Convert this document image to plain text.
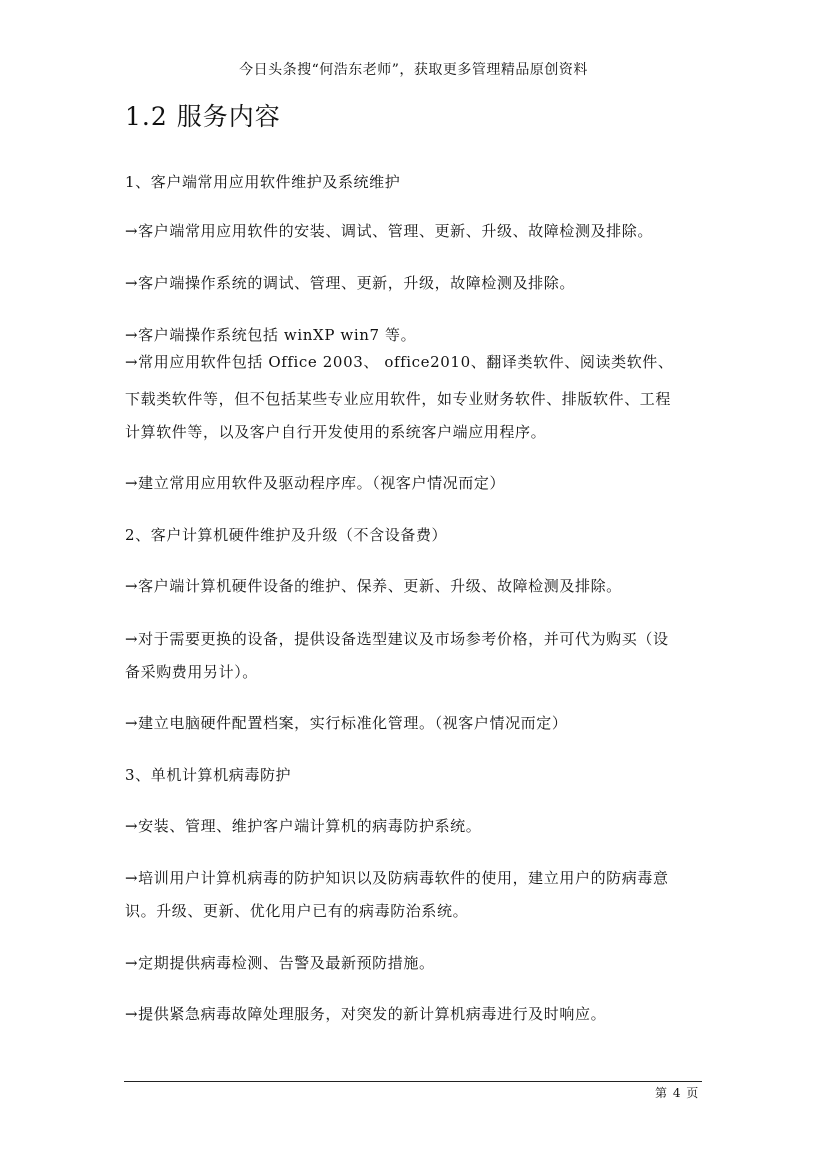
今日头条搜“何浩东老师”，获取更多管理精品原创资料
1.2 服务内容
1、客户端常用应用软件维护及系统维护
→客户端常用应用软件的安装、调试、管理、更新、升级、故障检测及排除。
→客户端操作系统的调试、管理、更新，升级，故障检测及排除。
→客户端操作系统包括 winXP win7 等。
→常用应用软件包括 Office 2003、 office2010、翻译类软件、阅读类软件、
下载类软件等，但不包括某些专业应用软件，如专业财务软件、排版软件、工程
计算软件等，以及客户自行开发使用的系统客户端应用程序。
→建立常用应用软件及驱动程序库。（视客户情况而定）
2、客户计算机硬件维护及升级（不含设备费）
→客户端计算机硬件设备的维护、保养、更新、升级、故障检测及排除。
→对于需要更换的设备，提供设备选型建议及市场参考价格，并可代为购买（设
备采购费用另计）。
→建立电脑硬件配置档案，实行标准化管理。（视客户情况而定）
3、单机计算机病毒防护
→安装、管理、维护客户端计算机的病毒防护系统。
→培训用户计算机病毒的防护知识以及防病毒软件的使用，建立用户的防病毒意
识。升级、更新、优化用户已有的病毒防治系统。
→定期提供病毒检测、告警及最新预防措施。
→提供紧急病毒故障处理服务，对突发的新计算机病毒进行及时响应。
第 4 页
